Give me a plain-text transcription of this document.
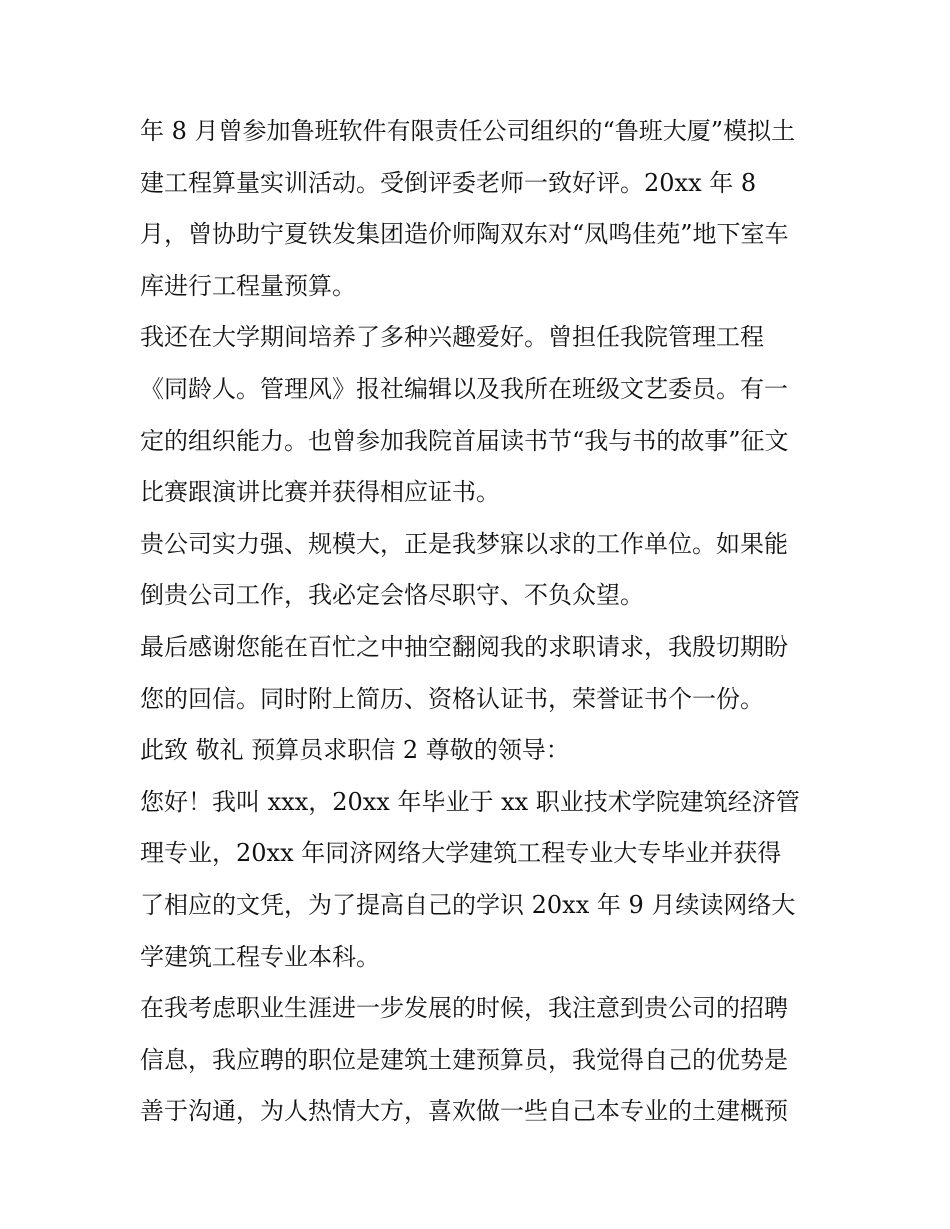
年 8 月曾参加鲁班软件有限责任公司组织的“鲁班大厦”模拟土
建工程算量实训活动。受倒评委老师一致好评。20xx 年 8
月，曾协助宁夏铁发集团造价师陶双东对“凤鸣佳苑”地下室车
库进行工程量预算。
我还在大学期间培养了多种兴趣爱好。曾担任我院管理工程
《同龄人。管理风》报社编辑以及我所在班级文艺委员。有一
定的组织能力。也曾参加我院首届读书节“我与书的故事”征文
比赛跟演讲比赛并获得相应证书。
贵公司实力强、规模大，正是我梦寐以求的工作单位。如果能
倒贵公司工作，我必定会恪尽职守、不负众望。
最后感谢您能在百忙之中抽空翻阅我的求职请求，我殷切期盼
您的回信。同时附上简历、资格认证书，荣誉证书个一份。
此致 敬礼 预算员求职信 2 尊敬的领导：
您好！我叫 xxx，20xx 年毕业于 xx 职业技术学院建筑经济管
理专业，20xx 年同济网络大学建筑工程专业大专毕业并获得
了相应的文凭，为了提高自己的学识 20xx 年 9 月续读网络大
学建筑工程专业本科。
在我考虑职业生涯进一步发展的时候，我注意到贵公司的招聘
信息，我应聘的职位是建筑土建预算员，我觉得自己的优势是
善于沟通，为人热情大方，喜欢做一些自己本专业的土建概预
